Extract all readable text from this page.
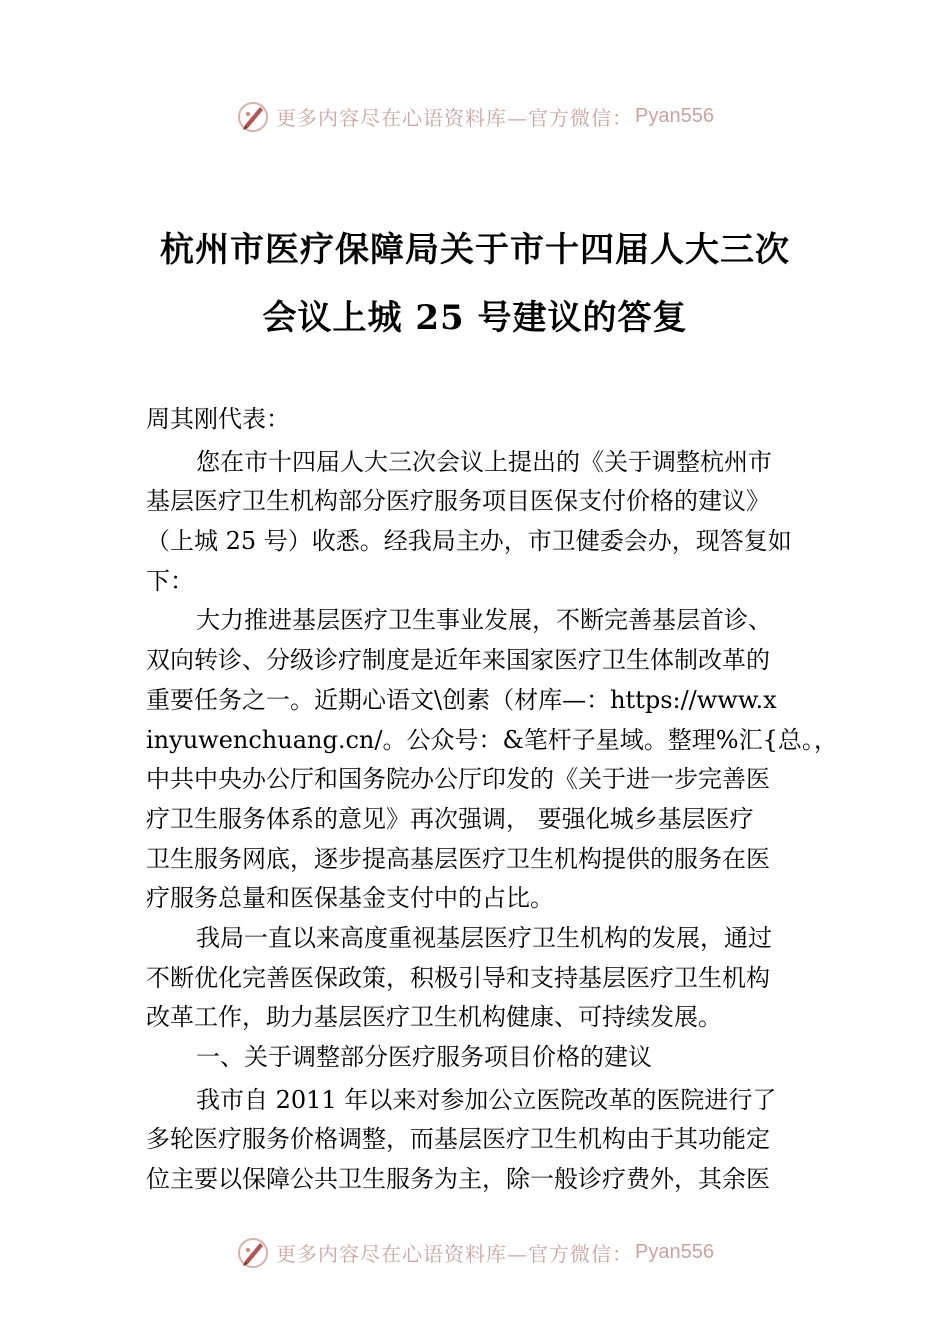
更多内容尽在心语资料库—官方微信： Pyan556
杭州市医疗保障局关于市十四届人大三次
会议上城 25 号建议的答复
周其刚代表：
您在市十四届人大三次会议上提出的《关于调整杭州市
基层医疗卫生机构部分医疗服务项目医保支付价格的建议》
（上城 25 号）收悉。经我局主办，市卫健委会办，现答复如
下：
大力推进基层医疗卫生事业发展，不断完善基层首诊、
双向转诊、分级诊疗制度是近年来国家医疗卫生体制改革的
重要任务之一。近期心语文\创素（材库—：https://www.x
inyuwenchuang.cn/。公众号：&笔杆子星域。整理%汇{总。，
中共中央办公厅和国务院办公厅印发的《关于进一步完善医
疗卫生服务体系的意见》再次强调， 要强化城乡基层医疗
卫生服务网底，逐步提高基层医疗卫生机构提供的服务在医
疗服务总量和医保基金支付中的占比。
我局一直以来高度重视基层医疗卫生机构的发展，通过
不断优化完善医保政策，积极引导和支持基层医疗卫生机构
改革工作，助力基层医疗卫生机构健康、可持续发展。
一、关于调整部分医疗服务项目价格的建议
我市自 2011 年以来对参加公立医院改革的医院进行了
多轮医疗服务价格调整，而基层医疗卫生机构由于其功能定
位主要以保障公共卫生服务为主，除一般诊疗费外，其余医
更多内容尽在心语资料库—官方微信： Pyan556
